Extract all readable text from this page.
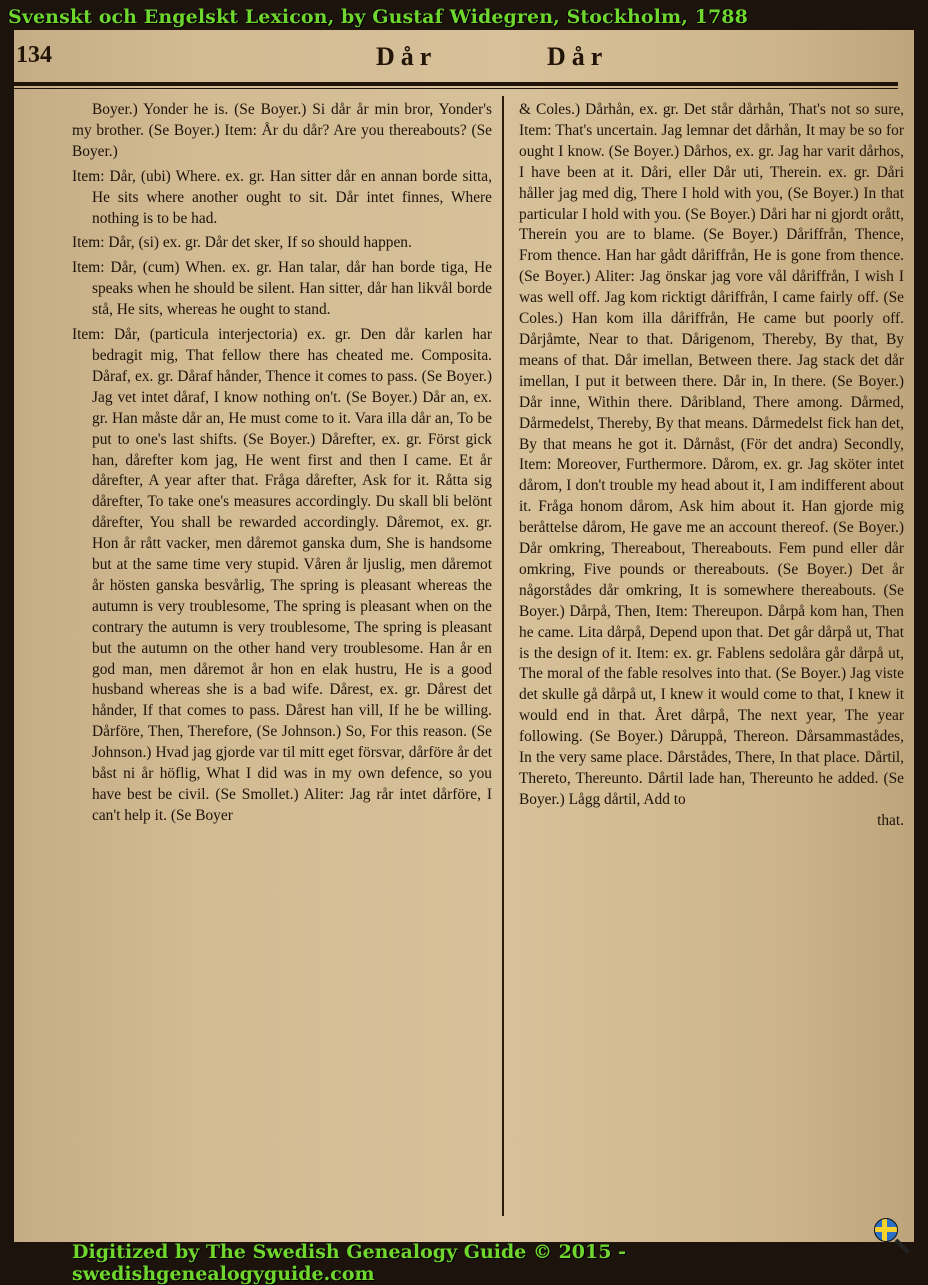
134	Dår	Dår

Boyer.) Yonder he is. (Se Boyer.) Si dår år min bror, Yonder's my brother. (Se Boyer.) Item: År du dår? Are you thereabouts? (Se Boyer.)

Item: Dår, (ubi) Where. ex. gr. Han sitter dår en annan borde sitta, He sits where another ought to sit. Dår intet finnes, Where nothing is to be had.

Item: Dår, (si) ex. gr. Dår det sker, If so should happen.

Item: Dår, (cum) When. ex. gr. Han talar, dår han borde tiga, He speaks when he should be silent. Han sitter, dår han likvål borde stå, He sits, whereas he ought to stand.

Item: Dår, (particula interjectoria) ex. gr. Den dår karlen har bedragit mig, That fellow there has cheated me. Composita. Dåraf, ex. gr. Dåraf hånder, Thence it comes to pass. (Se Boyer.) Jag vet intet dåraf, I know nothing on't. (Se Boyer.) Dår an, ex. gr. Han måste dår an, He must come to it. Vara illa dår an, To be put to one's last shifts. (Se Boyer.) Dårefter, ex. gr. Först gick han, dårefter kom jag, He went first and then I came. Et år dårefter, A year after that. Fråga dårefter, Ask for it. Råtta sig dårefter, To take one's measures accordingly. Du skall bli belönt dårefter, You shall be rewarded accordingly. Dåremot, ex. gr. Hon år rått vacker, men dåremot ganska dum, She is handsome but at the same time very stupid. Våren år ljuslig, men dåremot år hösten ganska besvårlig, The spring is pleasant whereas the autumn is very troublesome, The spring is pleasant when on the contrary the autumn is very troublesome, The spring is pleasant but the autumn on the other hand very troublesome. Han år en god man, men dåremot år hon en elak hustru, He is a good husband whereas she is a bad wife. Dårest, ex. gr. Dårest det hånder, If that comes to pass. Dårest han vill, If he be willing. Dårföre, Then, Therefore, (Se Johnson.) So, For this reason. (Se Johnson.) Hvad jag gjorde var til mitt eget försvar, dårföre år det båst ni år höflig, What I did was in my own defence, so you have best be civil. (Se Smollet.) Aliter: Jag rår intet dårföre, I can't help it. (Se Boyer

& Coles.) Dårhån, ex. gr. Det står dårhån, That's not so sure, Item: That's uncertain. Jag lemnar det dårhån, It may be so for ought I know. (Se Boyer.) Dårhos, ex. gr. Jag har varit dårhos, I have been at it. Dåri, eller Dår uti, Therein. ex. gr. Dåri håller jag med dig, There I hold with you, (Se Boyer.) In that particular I hold with you. (Se Boyer.) Dåri har ni gjordt orått, Therein you are to blame. (Se Boyer.) Dåriffrån, Thence, From thence. Han har gådt dåriffrån, He is gone from thence. (Se Boyer.) Aliter: Jag önskar jag vore vål dåriffrån, I wish I was well off. Jag kom ricktigt dåriffrån, I came fairly off. (Se Coles.) Han kom illa dåriffrån, He came but poorly off. Dårjåmte, Near to that. Dårigenom, Thereby, By that, By means of that. Dår imellan, Between there. Jag stack det dår imellan, I put it between there. Dår in, In there. (Se Boyer.) Dår inne, Within there. Dåribland, There among. Dårmed, Dårmedelst, Thereby, By that means. Dårmedelst fick han det, By that means he got it. Dårnåst, (För det andra) Secondly, Item: Moreover, Furthermore. Dårom, ex. gr. Jag sköter intet dårom, I don't trouble my head about it, I am indifferent about it. Fråga honom dårom, Ask him about it. Han gjorde mig beråttelse dårom, He gave me an account thereof. (Se Boyer.) Dår omkring, Thereabout, Thereabouts. Fem pund eller dår omkring, Five pounds or thereabouts. (Se Boyer.) Det år någorstådes dår omkring, It is somewhere thereabouts. (Se Boyer.) Dårpå, Then, Item: Thereupon. Dårpå kom han, Then he came. Lita dårpå, Depend upon that. Det går dårpå ut, That is the design of it. Item: ex. gr. Fablens sedolåra går dårpå ut, The moral of the fable resolves into that. (Se Boyer.) Jag viste det skulle gå dårpå ut, I knew it would come to that, I knew it would end in that. Året dårpå, The next year, The year following. (Se Boyer.) Dåruppå, Thereon. Dårsammastådes, In the very same place. Dårstådes, There, In that place. Dårtil, Thereto, Thereunto. Dårtil lade han, Thereunto he added. (Se Boyer.) Lågg dårtil, Add to

that.

Svenskt och Engelskt Lexicon, by Gustaf Widegren, Stockholm, 1788
Digitized by The Swedish Genealogy Guide © 2015 - swedishgenealogyguide.com
